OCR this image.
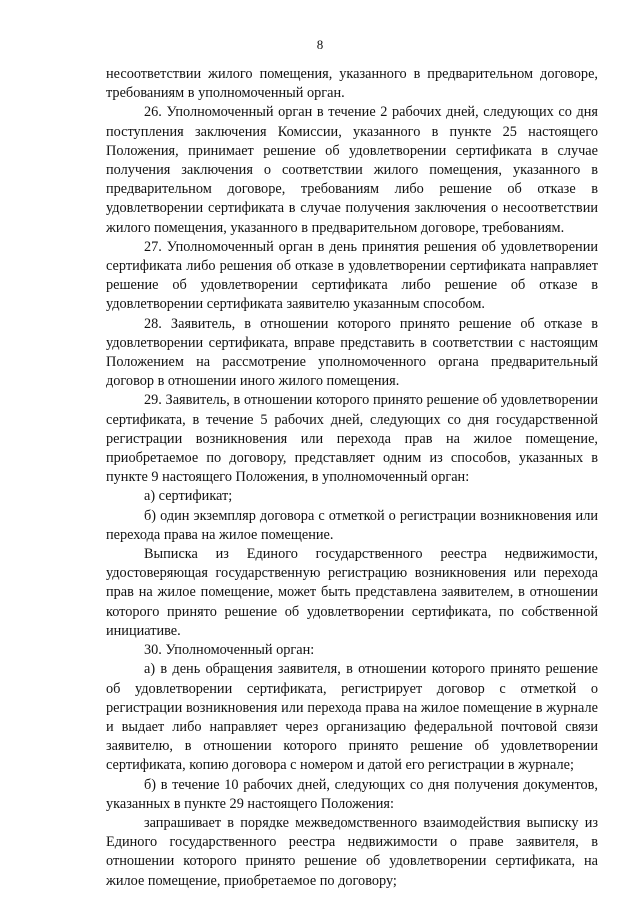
8

несоответствии жилого помещения, указанного в предварительном договоре, требованиям в уполномоченный орган.

26. Уполномоченный орган в течение 2 рабочих дней, следующих со дня поступления заключения Комиссии, указанного в пункте 25 настоящего Положения, принимает решение об удовлетворении сертификата в случае получения заключения о соответствии жилого помещения, указанного в предварительном договоре, требованиям либо решение об отказе в удовлетворении сертификата в случае получения заключения о несоответствии жилого помещения, указанного в предварительном договоре, требованиям.

27. Уполномоченный орган в день принятия решения об удовлетворении сертификата либо решения об отказе в удовлетворении сертификата направляет решение об удовлетворении сертификата либо решение об отказе в удовлетворении сертификата заявителю указанным способом.

28. Заявитель, в отношении которого принято решение об отказе в удовлетворении сертификата, вправе представить в соответствии с настоящим Положением на рассмотрение уполномоченного органа предварительный договор в отношении иного жилого помещения.

29. Заявитель, в отношении которого принято решение об удовлетворении сертификата, в течение 5 рабочих дней, следующих со дня государственной регистрации возникновения или перехода прав на жилое помещение, приобретаемое по договору, представляет одним из способов, указанных в пункте 9 настоящего Положения, в уполномоченный орган:

а) сертификат;

б) один экземпляр договора с отметкой о регистрации возникновения или перехода права на жилое помещение.

Выписка из Единого государственного реестра недвижимости, удостоверяющая государственную регистрацию возникновения или перехода прав на жилое помещение, может быть представлена заявителем, в отношении которого принято решение об удовлетворении сертификата, по собственной инициативе.

30. Уполномоченный орган:

а) в день обращения заявителя, в отношении которого принято решение об удовлетворении сертификата, регистрирует договор с отметкой о регистрации возникновения или перехода права на жилое помещение в журнале и выдает либо направляет через организацию федеральной почтовой связи заявителю, в отношении которого принято решение об удовлетворении сертификата, копию договора с номером и датой его регистрации в журнале;

б) в течение 10 рабочих дней, следующих со дня получения документов, указанных в пункте 29 настоящего Положения:

запрашивает в порядке межведомственного взаимодействия выписку из Единого государственного реестра недвижимости о праве заявителя, в отношении которого принято решение об удовлетворении сертификата, на жилое помещение, приобретаемое по договору;
